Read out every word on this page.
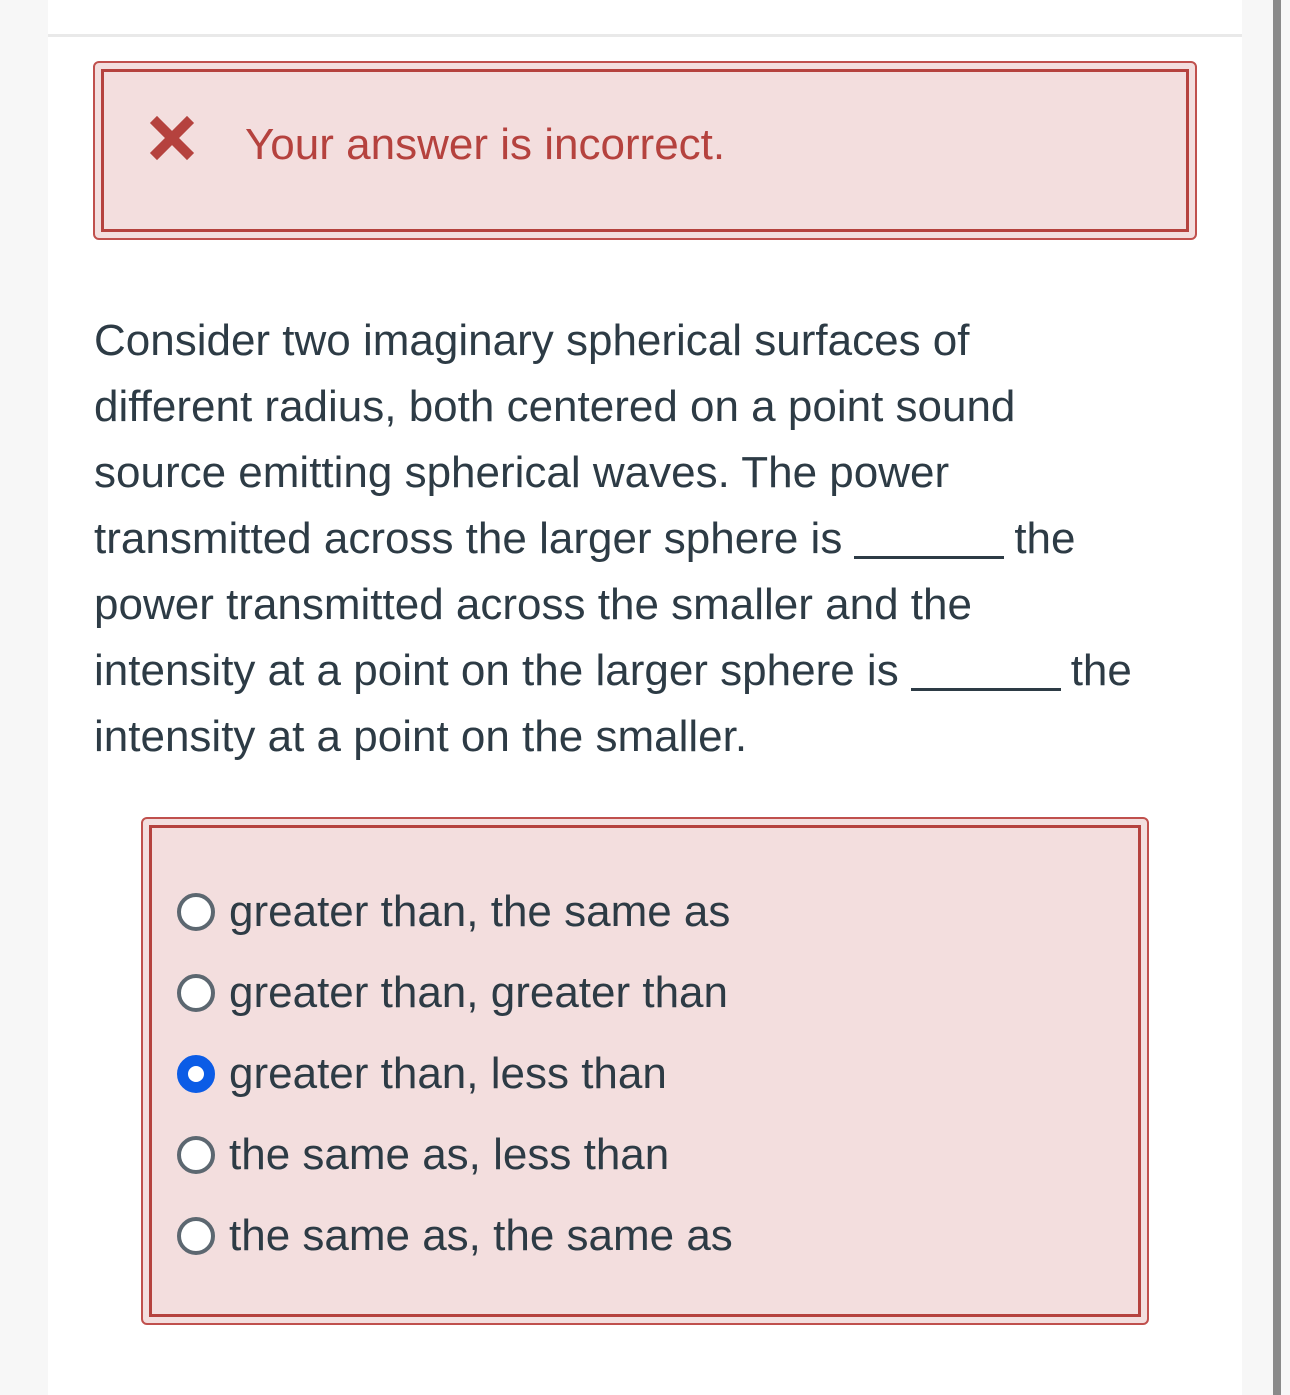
Your answer is incorrect.

Consider two imaginary spherical surfaces of
different radius, both centered on a point sound
source emitting spherical waves. The power
transmitted across the larger sphere is	the
power transmitted across the smaller and the
intensity at a point on the larger sphere is	the
intensity at a point on the smaller.

greater than, the same as
greater than, greater than
greater than, less than
the same as, less than
the same as, the same as
